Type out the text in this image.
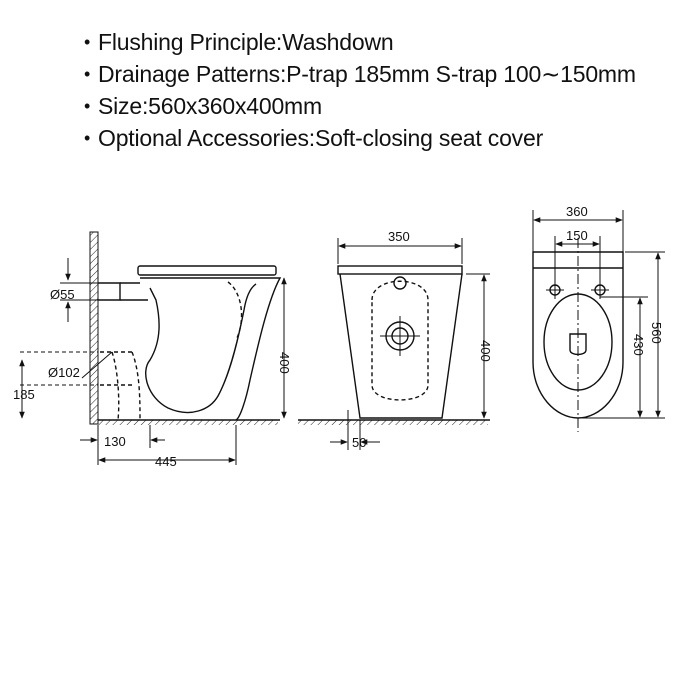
• Flushing Principle:Washdown
• Drainage Patterns:P-trap 185mm S-trap 100∼150mm
• Size:560x360x400mm
• Optional Accessories:Soft-closing seat cover
Ø55
Ø102
185
400
130
445
350
400
50
360
150
560
430
